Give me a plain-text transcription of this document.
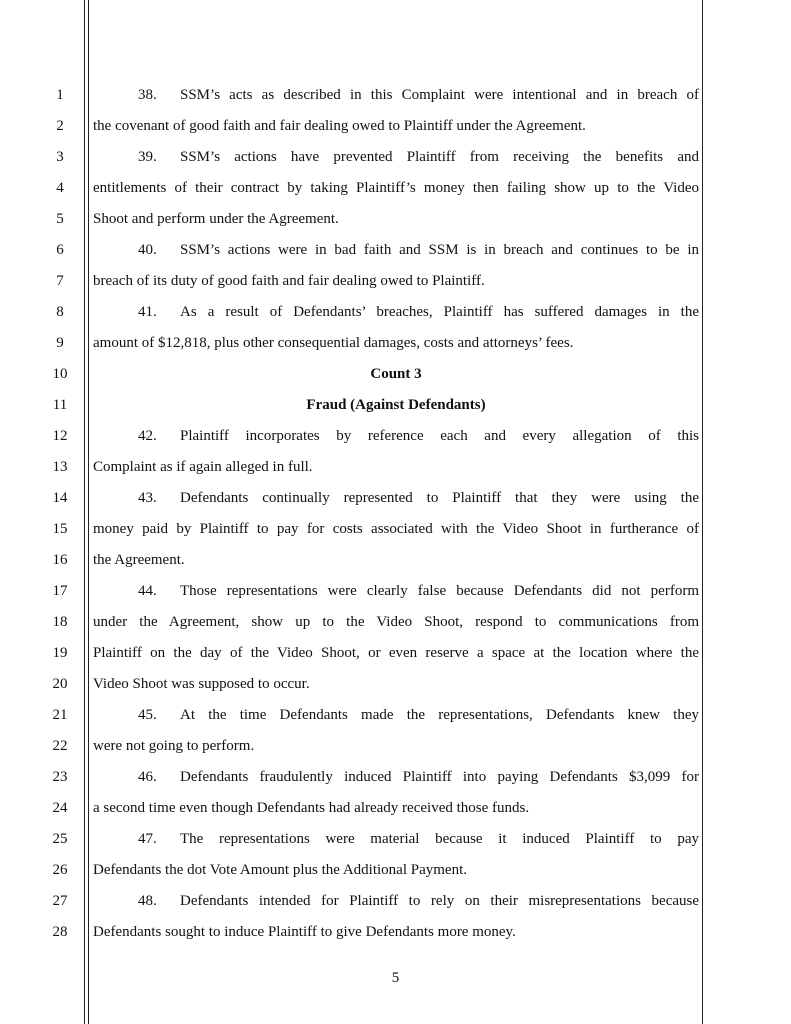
1
2
3
4
5
6
7
8
9
10
11
12
13
14
15
16
17
18
19
20
21
22
23
24
25
26
27
28
38. SSM’s acts as described in this Complaint were intentional and in breach of
the covenant of good faith and fair dealing owed to Plaintiff under the Agreement.
39. SSM’s actions have prevented Plaintiff from receiving the benefits and
entitlements of their contract by taking Plaintiff’s money then failing show up to the Video
Shoot and perform under the Agreement.
40. SSM’s actions were in bad faith and SSM is in breach and continues to be in
breach of its duty of good faith and fair dealing owed to Plaintiff.
41. As a result of Defendants’ breaches, Plaintiff has suffered damages in the
amount of $12,818, plus other consequential damages, costs and attorneys’ fees.
Count 3
Fraud (Against Defendants)
42. Plaintiff incorporates by reference each and every allegation of this
Complaint as if again alleged in full.
43. Defendants continually represented to Plaintiff that they were using the
money paid by Plaintiff to pay for costs associated with the Video Shoot in furtherance of
the Agreement.
44. Those representations were clearly false because Defendants did not perform
under the Agreement, show up to the Video Shoot, respond to communications from
Plaintiff on the day of the Video Shoot, or even reserve a space at the location where the
Video Shoot was supposed to occur.
45. At the time Defendants made the representations, Defendants knew they
were not going to perform.
46. Defendants fraudulently induced Plaintiff into paying Defendants $3,099 for
a second time even though Defendants had already received those funds.
47. The representations were material because it induced Plaintiff to pay
Defendants the dot Vote Amount plus the Additional Payment.
48. Defendants intended for Plaintiff to rely on their misrepresentations because
Defendants sought to induce Plaintiff to give Defendants more money.
5
